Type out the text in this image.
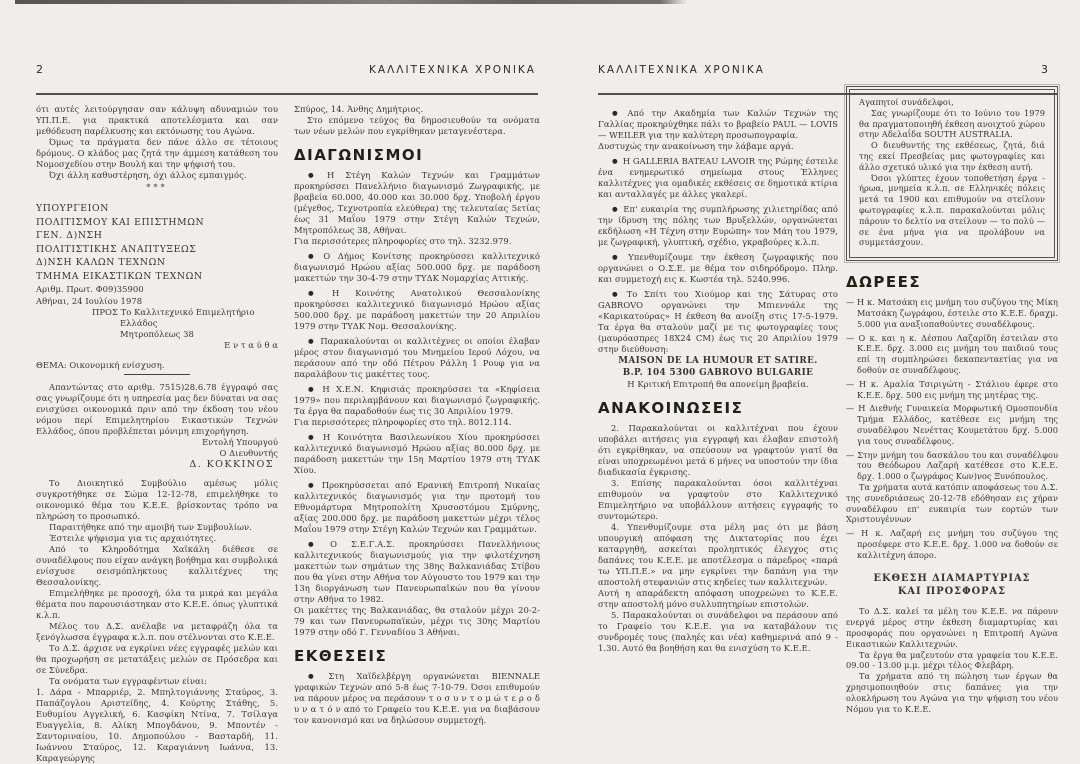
2	ΚΑΛΛΙΤΕΧΝΙΚΑ ΧΡΟΝΙΚΑ	ΚΑΛΛΙΤΕΧΝΙΚΑ ΧΡΟΝΙΚΑ	3
ότι αυτές λειτούργησαν σαν κάλυψη αδυναμιών του ΥΠ.Π.Ε. για πρακτικά αποτελέσματα και σαν μεθόδευση παρέλκυσης και εκτόνωσης του Αγώνα.
Όμως τα πράγματα δεν πάνε άλλο σε τέτοιους δρόμους. Ο κλάδος μας ζητά την άμμεση κατάθεση του Νομοσχεδίου στην Βουλή και την ψήφισή του.
Όχι άλλη καθυστέρηση, όχι άλλος εμπαιγμός.
***
ΥΠΟΥΡΓΕΙΟΝ
ΠΟΛΙΤΙΣΜΟΥ ΚΑΙ ΕΠΙΣΤΗΜΩΝ
ΓΕΝ. Δ)ΝΣΗ
ΠΟΛΙΤΙΣΤΙΚΗΣ ΑΝΑΠΤΥΞΕΩΣ
Δ)ΝΣΗ ΚΑΛΩΝ ΤΕΧΝΩΝ
ΤΜΗΜΑ ΕΙΚΑΣΤΙΚΩΝ ΤΕΧΝΩΝ
Αριθμ. Πρωτ. Φ09)35900
Αθήναι, 24 Ιουλίου 1978
ΠΡΟΣ Το Καλλιτεχνικό Επιμελητήριο
Ελλάδος
Μητροπόλεως 38
Ε ν τ α ύ θ α
ΘΕΜΑ: Οικονομική ενίσχυση.
Απαντώντας στο αριθμ. 7515)28.6.78 έγγραφό σας σας γνωρίζουμε ότι η υπηρεσία μας δεν δύναται να σας ενισχύσει οικονομικά πριν από την έκδοση του νέου νόμου περί Επιμελητηρίου Εικαστικών Τεχνών Ελλάδος, όπου προβλέπεται μόνιμη επιχορήγηση.
Εντολή Υπουργού
Ο Διευθυντής
Δ. ΚΟΚΚΙΝΟΣ
Το Διοικητικό Συμβούλιο αμέσως μόλις συγκροτήθηκε σε Σώμα 12-12-78, επιμελήθηκε το οικονομικό θέμα του Κ.Ε.Ε. βρίσκοντας τρόπο να πληρώση το προσωπικό.
Παραιτήθηκε από την αμοιβή των Συμβουλίων.
Έστειλε ψήφισμα για τις αρχαιότητες.
Από το Κληροδότημα Χαϊκάλη διέθεσε σε συναδέλφους που είχαν ανάγκη βοήθημα και συμβολικά ενίσχυσε σεισμόπληκτους καλλιτέχνες της Θεσσαλονίκης.
Επιμελήθηκε με προσοχή, όλα τα μικρά και μεγάλα θέματα που παρουσιάστηκαν στο Κ.Ε.Ε. όπως γλυπτικά κ.λ.π.
Μέλος του Δ.Σ. ανέλαβε να μεταφράζη όλα τα ξενόγλωσσα έγγραφα κ.λ.π. που στέλνονται στο Κ.Ε.Ε.
Το Δ.Σ. άρχισε να εγκρίνει νέες εγγραφές μελών και θα προχωρήση σε μετατάξεις μελών σε Πρόσεδρα και σε Σύνεδρα.
Τα ονόματα των εγγραφέντων είναι:
1. Δάρα - Μπαρριέρ, 2. Μπηλτογιάννης Σταύρος, 3. Παπάζογλου Αριστείδης, 4. Κούρτης Στάθης, 5. Ευθυμίου Αγγελική, 6. Κασφίκη Ντίνα, 7. Τσίλαγα Ευαγγελία, 8. Αλίκη Μπογδάνου, 9. Μποντέν - Σαντοριναίου, 10. Δημοπούλου - Βασταρδή, 11. Ιωάννου Σταύρος, 12. Καραγιάννη Ιωάννα, 13. Καραγεώργης
Σπύρος, 14. Άνθης Δημήτριος.
Στο επόμενο τεύχος θα δημοσιευθούν τα ονόματα των νέων μελών που εγκρίθηκαν μεταγενέστερα.
ΔΙΑΓΩΝΙΣΜΟΙ
● Η Στέγη Καλών Τεχνών και Γραμμάτων προκηρύσσει Πανελλήνιο διαγωνισμό Ζωγραφικής, με βραβεία 60.000, 40.000 και 30.000 δρχ. Υποβολή έργου (μέγεθος, Τεχνοτροπία ελεύθερα) της τελευταίας 5ετίας έως 31 Μαΐου 1979 στην Στέγη Καλών Τεχνών, Μητροπόλεως 38, Αθήναι.
Για περισσότερες πληροφορίες στο τηλ. 3232.979.
● Ο Δήμος Κονίτσης προκηρύσσει καλλιτεχνικό διαγωνισμό Ηρώου αξίας 500.000 δρχ. με παράδοση μακεττών την 30-4-79 στην ΤΥΔΚ Νομαρχίας Αττικής.
● Η Κοινότης Ανατολικού Θεσσαλονίκης προκηρύσσει καλλιτεχνικό διαγωνισμό Ηρώου αξίας 500.000 δρχ. με παράδοση μακεττών την 20 Απριλίου 1979 στην ΤΥΔΚ Νομ. Θεσσαλονίκης.
● Παρακαλούνται οι καλλιτέχνες οι οποίοι έλαβαν μέρος στον διαγωνισμό του Μνημείου Ιερού Λόχου, να περάσουν από την οδό Πέτρου Ράλλη 1 Ρουφ για να παραλάβουν τις μακέττες τους.
● Η Χ.Ε.Ν. Κηφισιάς προκηρύσσει τα «Κηφίσεια 1979» που περιλαμβάνουν και διαγωνισμό ζωγραφικής. Τα έργα θα παραδοθούν έως τις 30 Απριλίου 1979.
Για περισσότερες πληροφορίες στο τηλ. 8012.114.
● Η Κοινότητα Βασιλεωνίκου Χίου προκηρύσσει καλλιτεχνικό διαγωνισμό Ηρώου αξίας 80.000 δρχ. με παράδοση μακεττών την 15η Μαρτίου 1979 στη ΤΥΔΚ Χίου.
● Προκηρύσσεται από Ερανική Επιτροπή Νικαίας καλλιτεχνικός διαγωνισμός για την προτομή του Εθνομάρτυρα Μητροπολίτη Χρυσοστόμου Σμύρνης, αξίας 200.000 δρχ. με παράδοση μακεττών μέχρι τέλος Μαΐου 1979 στην Στέγη Καλών Τεχνών και Γραμμάτων.
● Ο Σ.Ε.Γ.Α.Σ. προκηρύσσει Πανελλήνιους καλλιτεχνικούς διαγωνισμούς για την φιλοτέχνηση μακεττών των σημάτων της 38ης Βαλκανιάδας Στίβου που θα γίνει στην Αθήνα τον Αύγουστο του 1979 και την 13η διοργάνωση των Πανευρωπαϊκών που θα γίνουν στην Αθήνα το 1982.
Οι μακέττες της Βαλκανιάδας, θα σταλούν μέχρι 20-2-79 και των Πανευρωπαϊκών, μέχρι τις 30ης Μαρτίου 1979 στην οδό Γ. Γενναδίου 3 Αθήναι.
ΕΚΘΕΣΕΙΣ
● Στη Χαϊδελβέργη οργανώνεται BIENNALE γραφικών Τεχνών από 5-8 έως 7-10-79. Όσοι επιθυμούν να πάρουν μέρος να περάσουν τ ο σ υ ν τ ο μ ώ τ ε ρ ο δ υ ν α τ ό ν από το Γραφείο του Κ.Ε.Ε. για να διαβάσουν τον κανονισμό και να δηλώσουν συμμετοχή.
● Από την Ακαδημία των Καλών Τεχνών της Γαλλίας προκηρύχθηκε πάλι το βραβείο PAUL — LOVIS — WEILER για την καλύτερη προσωπογραφία.
Δυστυχώς την ανακοίνωση την λάβαμε αργά.
● Η GALLERIA BATEAU LAVOIR της Ρώμης έστειλε ένα ενημερωτικό σημείωμα στους Έλληνες καλλιτέχνες για ομαδικές εκθέσεις σε δημοτικά κτίρια και ανταλλαγές με άλλες γκαλερί.
● Επ' ευκαιρία της συμπλήρωσης χιλιετηρίδας από την ίδρυση της πόλης των Βρυξελλών, οργανώνεται εκδήλωση «Η Τέχνη στην Ευρώπη» τον Μάη του 1979, με ζωγραφική, γλυπτική, σχέδιο, γκραβούρες κ.λ.π.
● Υπενθυμίζουμε την έκθεση ζωγραφικής που οργανώνει ο Ο.Σ.Ε. με θέμα τον σιδηρόδρομο. Πληρ. και συμμετοχή εις κ. Κωστέα τηλ. 5240.996.
● Το Σπίτι του Χιούμορ και της Σάτυρας στο GABROVO οργανώνει την Μπιεννάλε της «Καρικατούρας» Η έκθεση θα ανοίξη στις 17-5-1979. Τα έργα θα σταλούν μαζί με τις φωτογραφίες τους (μαυρόασπρες 18Χ24 CM) έως τις 20 Απριλίου 1979 στην διεύθυνση:
MAISON DE LA HUMOUR ET SATIRE.
B.P. 104 5300 GABROVO BULGARIE
Η Κριτική Επιτροπή θα απονείμη βραβεία.
ΑΝΑΚΟΙΝΩΣΕΙΣ
2. Παρακαλούνται οι καλλιτέχναι που έχουν υποβάλει αιτήσεις για εγγραφή και έλαβαν επιστολή ότι εγκρίθηκαν, να σπεύσουν να γραφτούν γιατί θα είναι υποχρεωμένοι μετά 6 μήνες να υποστούν την ίδια διαδικασία έγκρισης.
3. Επίσης παρακαλούνται όσοι καλλιτέχναι επιθυμούν να γραφτούν στο Καλλιτεχνικό Επιμελητήριο να υποβάλλουν αιτήσεις εγγραφής το συντομώτερο.
4. Υπενθυμίζουμε στα μέλη μας ότι με βάση υπουργική απόφαση της Δικτατορίας που έχει καταργηθή, ασκείται προληπτικός έλεγχος στις δαπάνες του Κ.Ε.Ε. με αποτέλεσμα ο πάρεδρος «παρά τω ΥΠ.Π.Ε.» να μην εγκρίνει την δαπάνη για την αποστολή στεφανιών στις κηδείες των καλλιτεχνών.
Αυτή η απαράδεκτη απόφαση υποχρεώνει το Κ.Ε.Ε. στην αποστολή μόνο συλλυπητηρίων επιστολών.
5. Παρακαλούνται οι συνάδελφοι να περάσουν από το Γραφείο του Κ.Ε.Ε. για να καταβάλουν τις συνδρομές τους (παληές και νέα) καθημερινά από 9 - 1.30. Αυτό θα βοηθήση και θα ενισχύση το Κ.Ε.Ε.
Αγαπητοί συνάδελφοι,
Σας γνωρίζουμε ότι το Ιούνιο του 1979 θα πραγματοποιηθή έκθεση ανοιχτού χώρου στην Αδελαΐδα SOUTH AUSTRALIA.
Ο διευθυντής της εκθέσεως, ζητά, διά της εκεί Πρεσβείας μας φωτογραφίες και άλλο σχετικό υλικό για την έκθεση αυτή.
Όσοι γλύπτες έχουν τοποθετήση έργα - ήρωα, μνημεία κ.λ.π. σε Ελληνικές πόλεις μετά τα 1900 και επιθυμούν να στείλουν φωτογραφίες κ.λ.π. παρακαλούνται μόλις πάρουν το δελτίο να στείλουν — το πολύ — σε ένα μήνα για να προλάβουν να συμμετάσχουν.
ΔΩΡΕΕΣ
— Η κ. Ματσάκη εις μνήμη του συζύγου της Μίκη Ματσάκη ζωγράφου, έστειλε στο Κ.Ε.Ε. δραχμ. 5.000 για αναξιοπαθούντες συναδέλφους.
— Ο κ. και η κ. Δέσπου Λαζαρίδη έστειλαν στο Κ.Ε.Ε. δρχ. 3.000 εις μνήμη του παιδιού τους επί τη συμπληρώσει δεκαπενταετίας για να δοθούν σε συναδέλφους.
— Η κ. Αμαλία Τσιριγώτη - Στάλιου έφερε στο Κ.Ε.Ε. δρχ. 500 εις μνήμη της μητέρας της.
— Η Διεθνής Γυναικεία Μορφωτική Ομοσπονδία Τμήμα Ελλάδος, κατέθεσε εις μνήμη της συναδέλφου Νενέττας Κουμετάτου δρχ. 5.000 για τους συναδέλφους.
— Στην μνήμη του δασκάλου του και συναδέλφου του Θεόδωρου Λαζαρή κατέθεσε στο Κ.Ε.Ε. δρχ. 1.000 ο ζωγράφος Κων)νος Ξυνόπουλος.
Τα χρήματα αυτά κατόπιν αποφάσεως του Δ.Σ. της συνεδριάσεως 20-12-78 εδόθησαν εις χήραν συναδέλφου επ' ευκαιρία των εορτών των Χριστουγέννων
— Η κ. Λαζαρή εις μνήμη του συζύγου της προσέφερε στο Κ.Ε.Ε. δρχ. 1.000 να δοθούν σε καλλιτέχνη άπορο.
ΕΚΘΕΣΗ ΔΙΑΜΑΡΤΥΡΙΑΣ
ΚΑΙ ΠΡΟΣΦΟΡΑΣ
Το Δ.Σ. καλεί τα μέλη του Κ.Ε.Ε. να πάρουν ενεργά μέρος στην έκθεση διαμαρτυρίας και προσφοράς που οργανώνει η Επιτροπή Αγώνα Εικαστικών Καλλιτεχνών.
Τα έργα θα μαζευτούν στα γραφεία του Κ.Ε.Ε. 09.00 - 13.00 μ.μ. μέχρι τέλος Φλεβάρη.
Τα χρήματα από τη πώληση των έργων θα χρησιμοποιηθούν στις δαπάνες για την ολοκλήρωση του Αγώνα για την ψήφιση του νέου Νόμου για το Κ.Ε.Ε.
